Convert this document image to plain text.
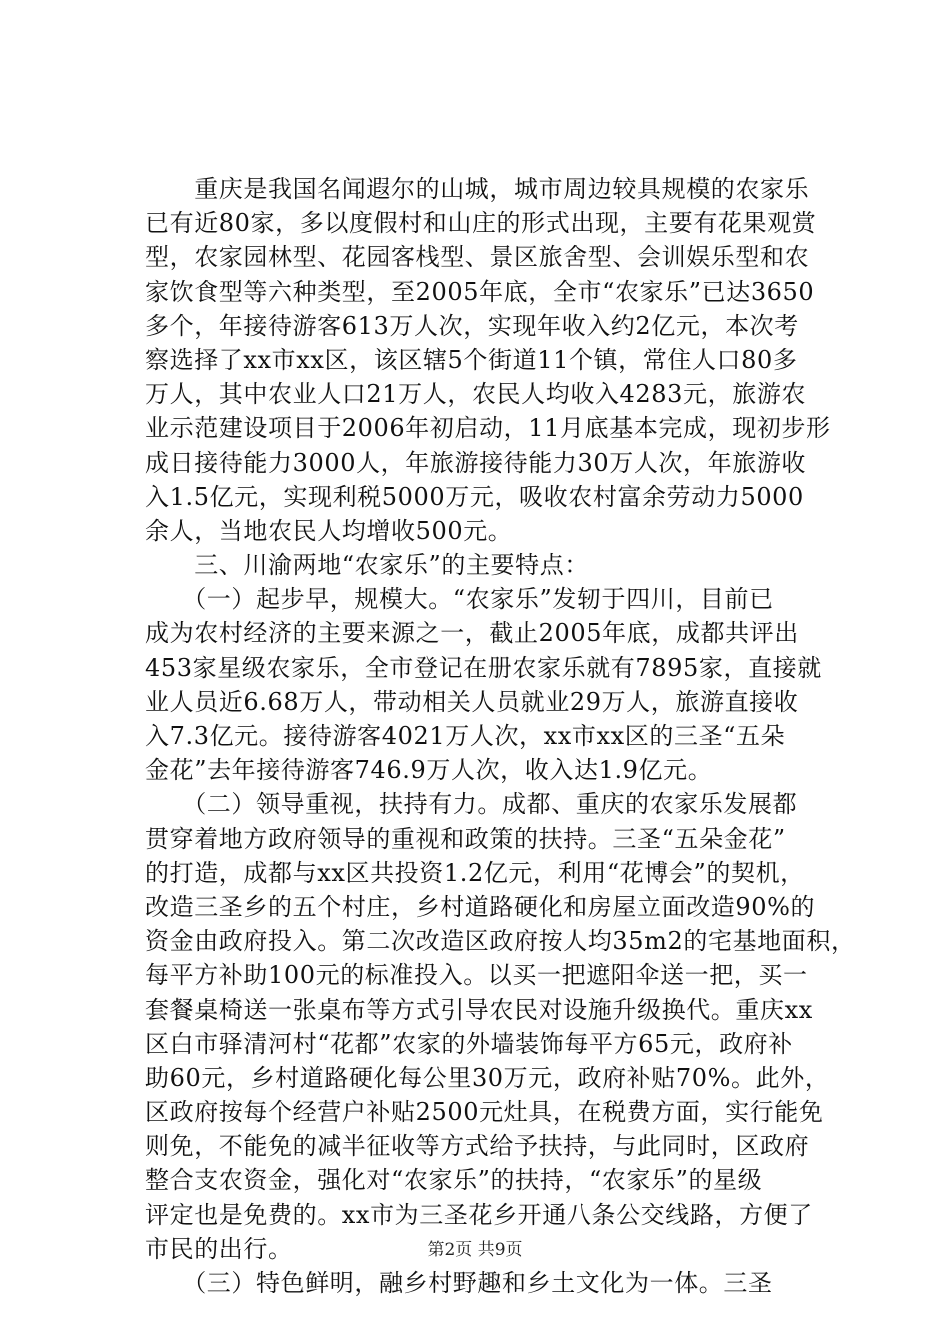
　　重庆是我国名闻遐尔的山城，城市周边较具规模的农家乐
已有近80家，多以度假村和山庄的形式出现，主要有花果观赏
型，农家园林型、花园客栈型、景区旅舍型、会训娱乐型和农
家饮食型等六种类型，至2005年底，全市“农家乐”已达3650
多个，年接待游客613万人次，实现年收入约2亿元，本次考
察选择了xx市xx区，该区辖5个街道11个镇，常住人口80多
万人，其中农业人口21万人，农民人均收入4283元，旅游农
业示范建设项目于2006年初启动，11月底基本完成，现初步形
成日接待能力3000人，年旅游接待能力30万人次，年旅游收
入1.5亿元，实现利税5000万元，吸收农村富余劳动力5000
余人，当地农民人均增收500元。
　　三、川渝两地“农家乐”的主要特点：
　　（一）起步早，规模大。“农家乐”发轫于四川，目前已
成为农村经济的主要来源之一，截止2005年底，成都共评出
453家星级农家乐，全市登记在册农家乐就有7895家，直接就
业人员近6.68万人，带动相关人员就业29万人，旅游直接收
入7.3亿元。接待游客4021万人次，xx市xx区的三圣“五朵
金花”去年接待游客746.9万人次，收入达1.9亿元。
　　（二）领导重视，扶持有力。成都、重庆的农家乐发展都
贯穿着地方政府领导的重视和政策的扶持。三圣“五朵金花”
的打造，成都与xx区共投资1.2亿元，利用“花博会”的契机，
改造三圣乡的五个村庄，乡村道路硬化和房屋立面改造90%的
资金由政府投入。第二次改造区政府按人均35m2的宅基地面积，
每平方补助100元的标准投入。以买一把遮阳伞送一把，买一
套餐桌椅送一张桌布等方式引导农民对设施升级换代。重庆xx
区白市驿清河村“花都”农家的外墙装饰每平方65元，政府补
助60元，乡村道路硬化每公里30万元，政府补贴70%。此外，
区政府按每个经营户补贴2500元灶具，在税费方面，实行能免
则免，不能免的减半征收等方式给予扶持，与此同时，区政府
整合支农资金，强化对“农家乐”的扶持，“农家乐”的星级
评定也是免费的。xx市为三圣花乡开通八条公交线路，方便了
市民的出行。
　　（三）特色鲜明，融乡村野趣和乡土文化为一体。三圣
第2页 共9页
